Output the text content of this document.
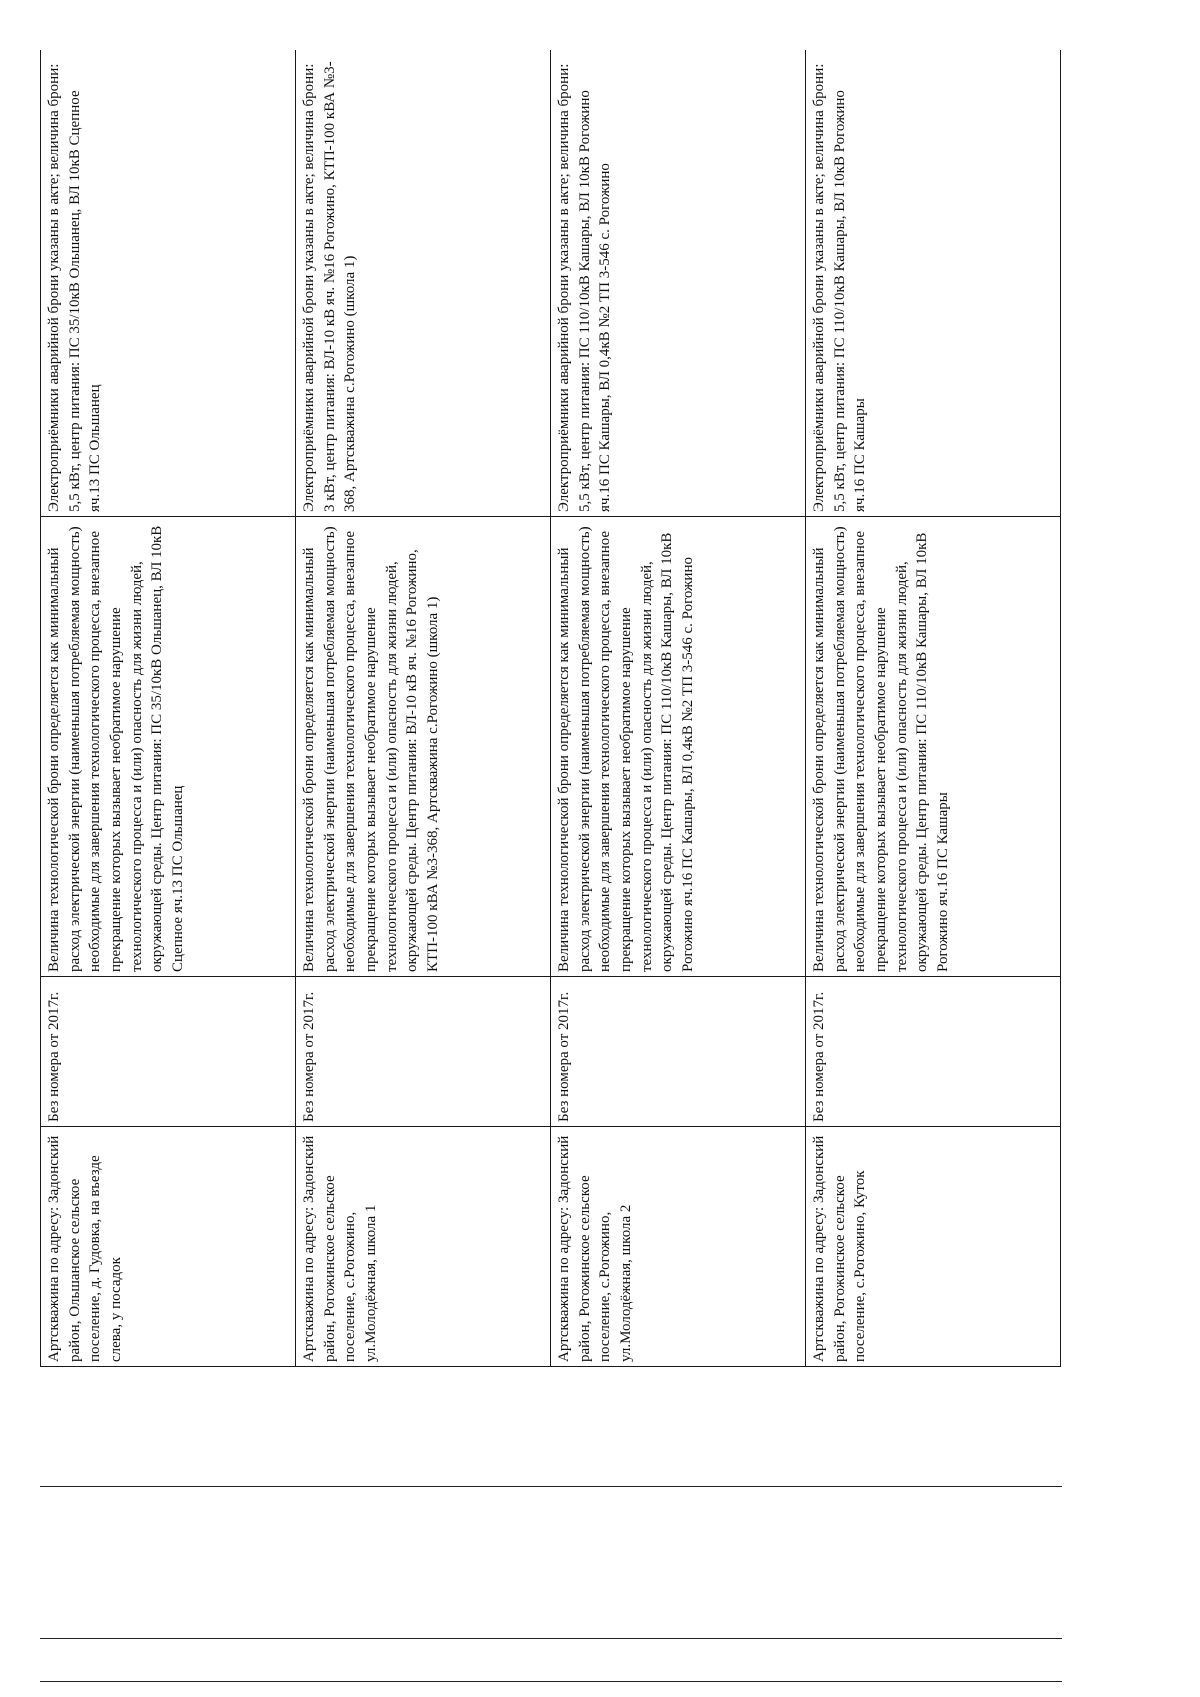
Артскважина по адресу: Задонский район, Ольшанское сельское поселение, д. Гудовка, на въезде слева, у посадок	Без номера от 2017г.	Величина технологической брони определяется как минимальный расход электрической энергии (наименьшая потребляемая мощность) необходимые для завершения технологического процесса, внезапное прекращение которых вызывает необратимое нарушение технологического процесса и (или) опасность для жизни людей, окружающей среды. Центр питания: ПС 35/10кВ Ольшанец, ВЛ 10кВ Сцепное яч.13 ПС Ольшанец	Электроприёмники аварийной брони указаны в акте; величина брони: 5,5 кВт, центр питания: ПС 35/10кВ Ольшанец, ВЛ 10кВ Сцепное яч.13 ПС Ольшанец
Артскважина по адресу: Задонский район, Рогожинское сельское поселение, с.Рогожино, ул.Молодёжная, школа 1	Без номера от 2017г.	Величина технологической брони определяется как минимальный расход электрической энергии (наименьшая потребляемая мощность) необходимые для завершения технологического процесса, внезапное прекращение которых вызывает необратимое нарушение технологического процесса и (или) опасность для жизни людей, окружающей среды. Центр питания: ВЛ-10 кВ яч. №16 Рогожино, КТП-100 кВА №3-368, Артскважина с.Рогожино (школа 1)	Электроприёмники аварийной брони указаны в акте; величина брони: 3 кВт, центр питания: ВЛ-10 кВ яч. №16 Рогожино, КТП-100 кВА №3-368, Артскважина с.Рогожино (школа 1)
Артскважина по адресу: Задонский район, Рогожинское сельское поселение, с.Рогожино, ул.Молодёжная, школа 2	Без номера от 2017г.	Величина технологической брони определяется как минимальный расход электрической энергии (наименьшая потребляемая мощность) необходимые для завершения технологического процесса, внезапное прекращение которых вызывает необратимое нарушение технологического процесса и (или) опасность для жизни людей, окружающей среды. Центр питания: ПС 110/10кВ Кашары, ВЛ 10кВ Рогожино яч.16 ПС Кашары, ВЛ 0,4кВ №2 ТП 3-546 с. Рогожино	Электроприёмники аварийной брони указаны в акте; величина брони: 5,5 кВт, центр питания: ПС 110/10кВ Кашары, ВЛ 10кВ Рогожино яч.16 ПС Кашары, ВЛ 0,4кВ №2 ТП 3-546 с. Рогожино
Артскважина по адресу: Задонский район, Рогожинское сельское поселение, с.Рогожино, Куток	Без номера от 2017г.	Величина технологической брони определяется как минимальный расход электрической энергии (наименьшая потребляемая мощность) необходимые для завершения технологического процесса, внезапное прекращение которых вызывает необратимое нарушение технологического процесса и (или) опасность для жизни людей, окружающей среды. Центр питания: ПС 110/10кВ Кашары, ВЛ 10кВ Рогожино яч.16 ПС Кашары	Электроприёмники аварийной брони указаны в акте; величина брони: 5,5 кВт, центр питания: ПС 110/10кВ Кашары, ВЛ 10кВ Рогожино яч.16 ПС Кашары
